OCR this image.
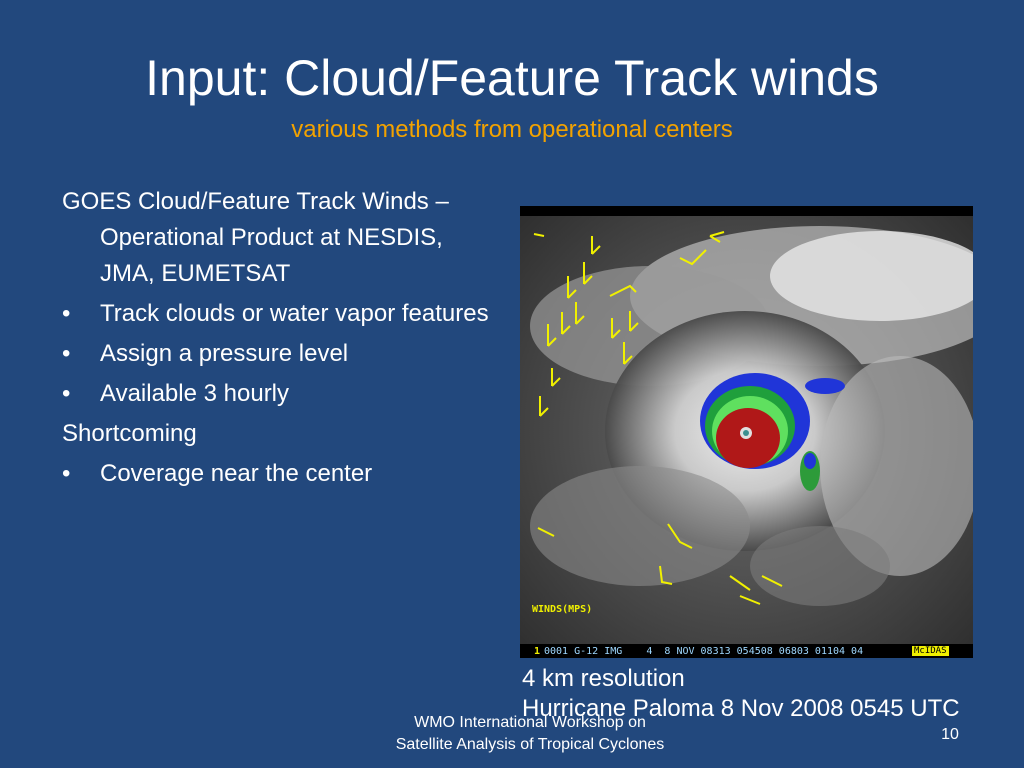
Input: Cloud/Feature Track winds
various methods from operational centers

GOES Cloud/Feature Track Winds – Operational Product at NESDIS, JMA, EUMETSAT

•	Track clouds or water vapor features
•	Assign a pressure level
•	Available 3 hourly

Shortcoming

•	Coverage near the center
WINDS(MPS)
1 0001 G-12 IMG    4  8 NOV 08313 054508 06803 01104 04	McIDAS
4 km resolution
Hurricane Paloma 8 Nov 2008 0545 UTC
WMO International Workshop on
Satellite Analysis of Tropical Cyclones
10
